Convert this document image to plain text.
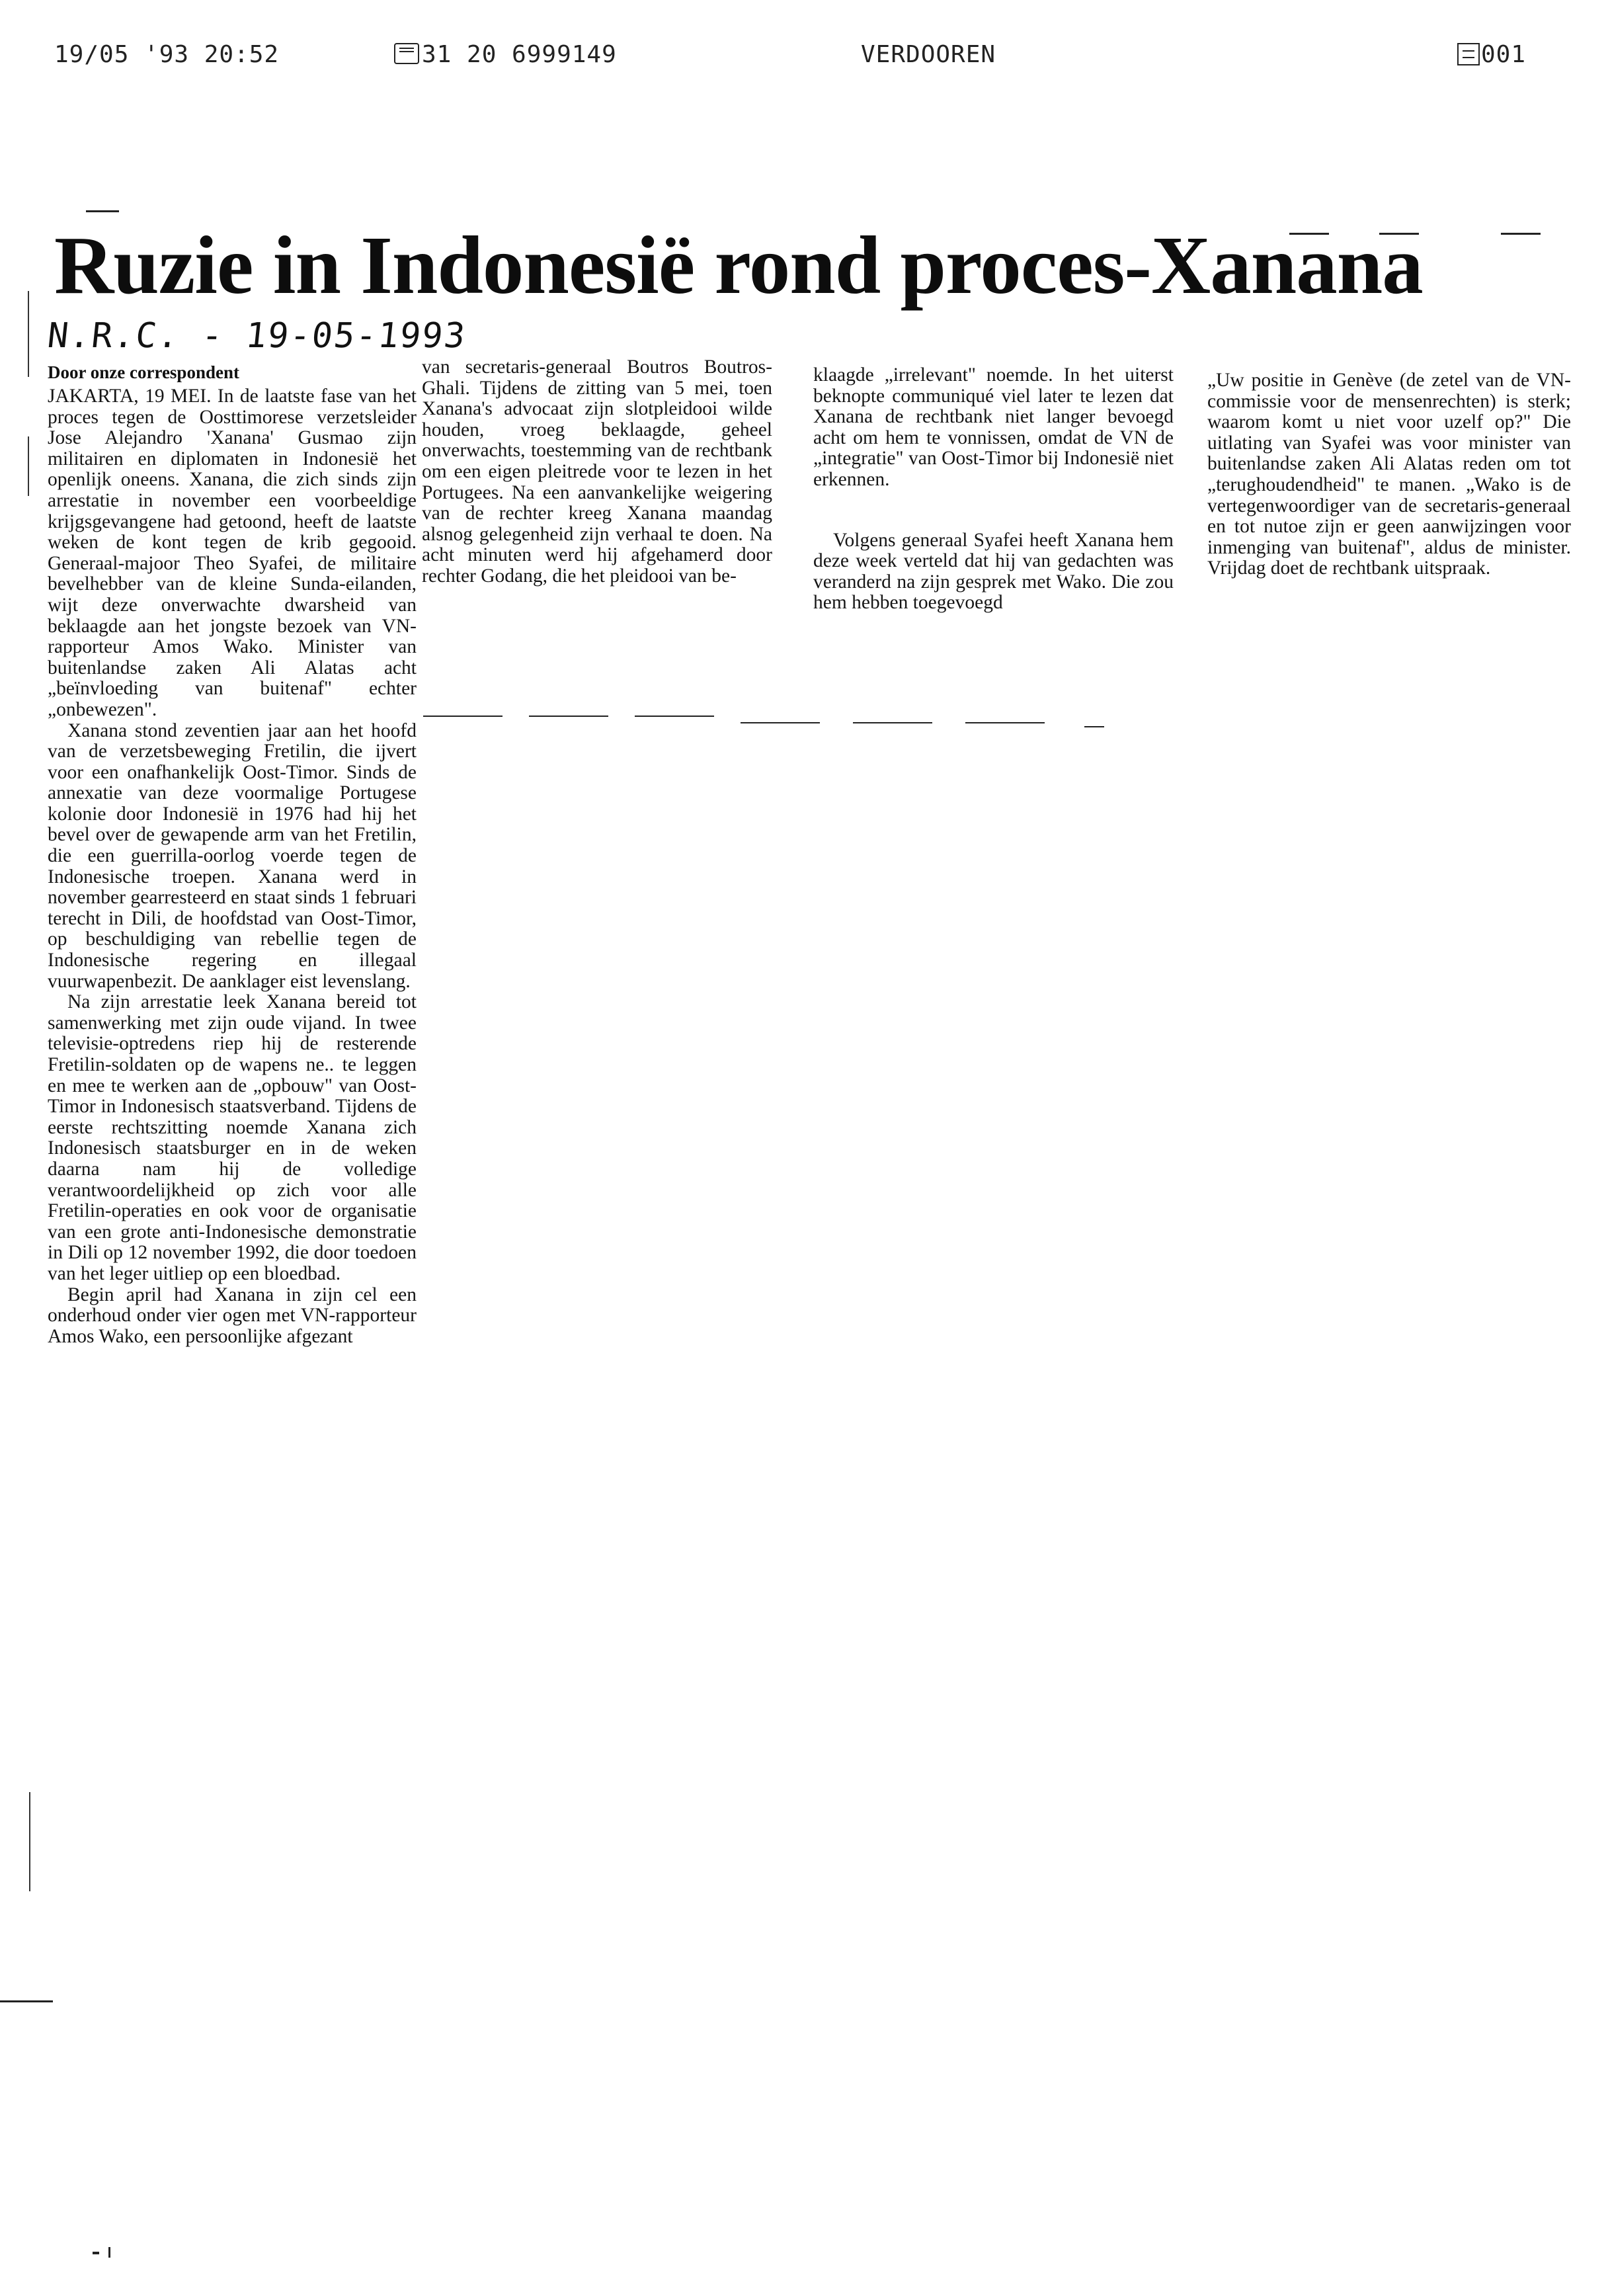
19/05 '93 20:52	31 20 6999149	VERDOOREN	001
Ruzie in Indonesië rond proces-Xanana
N.R.C. - 19-05-1993
Door onze correspondent

JAKARTA, 19 MEI. In de laatste fase van het proces tegen de Oosttimorese verzetsleider Jose Alejandro 'Xanana' Gusmao zijn militairen en diplomaten in Indonesië het openlijk oneens. Xanana, die zich sinds zijn arrestatie in november een voorbeeldige krijgsgevangene had getoond, heeft de laatste weken de kont tegen de krib gegooid. Generaal-majoor Theo Syafei, de militaire bevelhebber van de kleine Sunda-eilanden, wijt deze onverwachte dwarsheid van beklaagde aan het jongste bezoek van VN-rapporteur Amos Wako. Minister van buitenlandse zaken Ali Alatas acht „beïnvloeding van buitenaf" echter „onbewezen".

Xanana stond zeventien jaar aan het hoofd van de verzetsbeweging Fretilin, die ijvert voor een onafhankelijk Oost-Timor. Sinds de annexatie van deze voormalige Portugese kolonie door Indonesië in 1976 had hij het bevel over de gewapende arm van het Fretilin, die een guerrilla-oorlog voerde tegen de Indonesische troepen. Xanana werd in november gearresteerd en staat sinds 1 februari terecht in Dili, de hoofdstad van Oost-Timor, op beschuldiging van rebellie tegen de Indonesische regering en illegaal vuurwapenbezit. De aanklager eist levenslang.

Na zijn arrestatie leek Xanana bereid tot samenwerking met zijn oude vijand. In twee televisie-optredens riep hij de resterende Fretilin-soldaten op de wapens ne.. te leggen en mee te werken aan de „opbouw" van Oost-Timor in Indonesisch staatsverband. Tijdens de eerste rechtszitting noemde Xanana zich Indonesisch staatsburger en in de weken daarna nam hij de volledige verantwoordelijkheid op zich voor alle Fretilin-operaties en ook voor de organisatie van een grote anti-Indonesische demonstratie in Dili op 12 november 1992, die door toedoen van het leger uitliep op een bloedbad.

Begin april had Xanana in zijn cel een onderhoud onder vier ogen met VN-rapporteur Amos Wako, een persoonlijke afgezant

van secretaris-generaal Boutros Boutros-Ghali. Tijdens de zitting van 5 mei, toen Xanana's advocaat zijn slotpleidooi wilde houden, vroeg beklaagde, geheel onverwachts, toestemming van de rechtbank om een eigen pleitrede voor te lezen in het Portugees. Na een aanvankelijke weigering van de rechter kreeg Xanana maandag alsnog gelegenheid zijn verhaal te doen. Na acht minuten werd hij afgehamerd door rechter Godang, die het pleidooi van be-

klaagde „irrelevant" noemde. In het uiterst beknopte communiqué viel later te lezen dat Xanana de rechtbank niet langer bevoegd acht om hem te vonnissen, omdat de VN de „integratie" van Oost-Timor bij Indonesië niet erkennen.

Volgens generaal Syafei heeft Xanana hem deze week verteld dat hij van gedachten was veranderd na zijn gesprek met Wako. Die zou hem hebben toegevoegd

„Uw positie in Genève (de zetel van de VN-commissie voor de mensenrechten) is sterk; waarom komt u niet voor uzelf op?" Die uitlating van Syafei was voor minister van buitenlandse zaken Ali Alatas reden om tot „terughoudendheid" te manen. „Wako is de vertegenwoordiger van de secretaris-generaal en tot nutoe zijn er geen aanwijzingen voor inmenging van buitenaf", aldus de minister. Vrijdag doet de rechtbank uitspraak.
